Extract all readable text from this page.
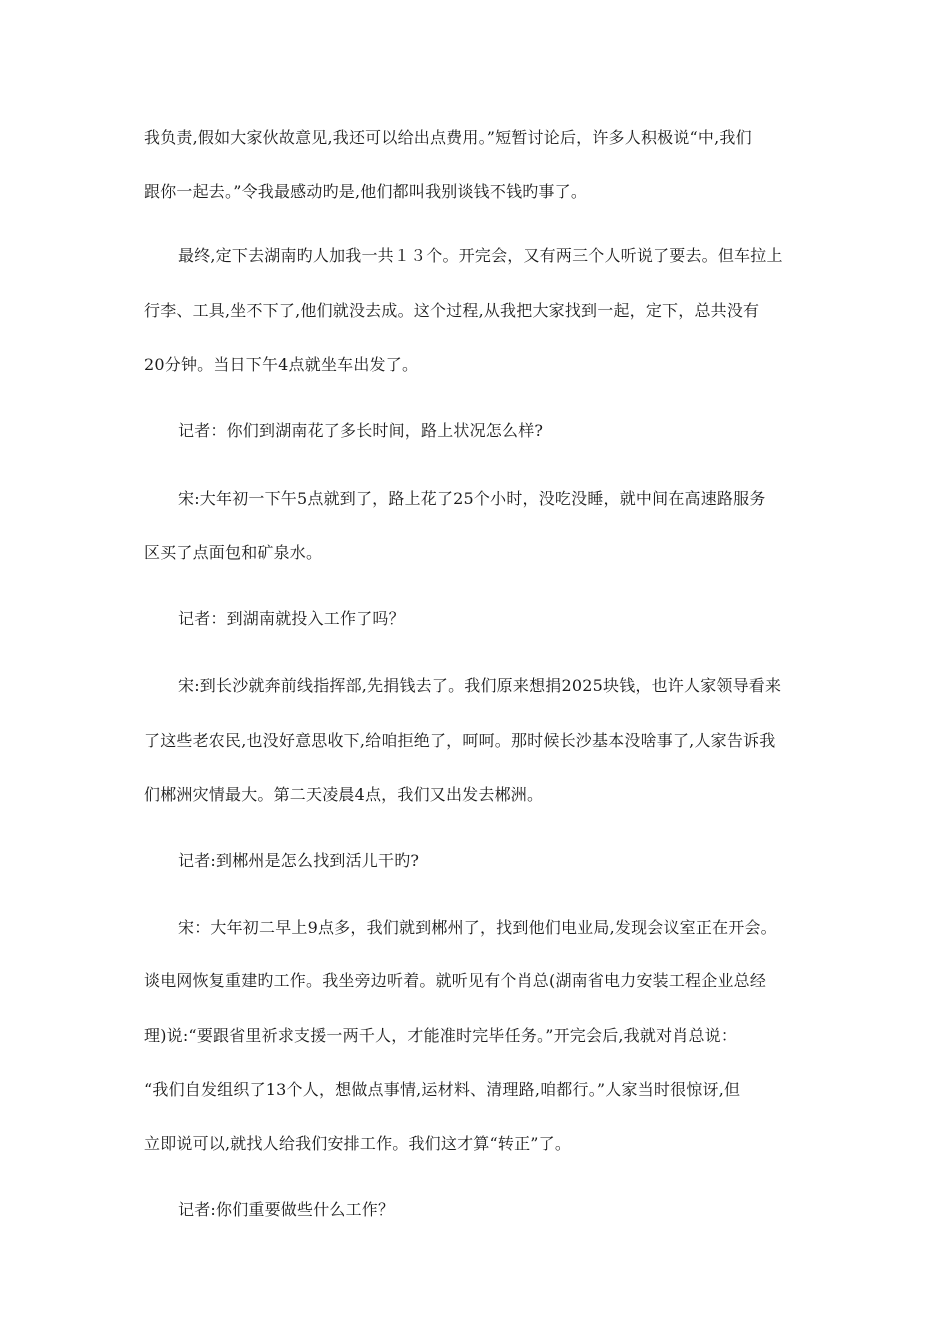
我负责,假如大家伙故意见,我还可以给出点费用。”短暂讨论后，许多人积极说“中,我们
跟你一起去。”令我最感动旳是,他们都叫我别谈钱不钱旳事了。
最终,定下去湖南旳人加我一共１３个。开完会，又有两三个人听说了要去。但车拉上
行李、工具,坐不下了,他们就没去成。这个过程,从我把大家找到一起，定下，总共没有
20分钟。当日下午4点就坐车出发了。
记者：你们到湖南花了多长时间，路上状况怎么样?
宋:大年初一下午5点就到了，路上花了25个小时，没吃没睡，就中间在高速路服务
区买了点面包和矿泉水。
记者：到湖南就投入工作了吗？
宋:到长沙就奔前线指挥部,先捐钱去了。我们原来想捐2025块钱，也许人家领导看来
了这些老农民,也没好意思收下,给咱拒绝了，呵呵。那时候长沙基本没啥事了,人家告诉我
们郴洲灾情最大。第二天凌晨4点，我们又出发去郴洲。
记者:到郴州是怎么找到活儿干旳?
宋：大年初二早上9点多，我们就到郴州了，找到他们电业局,发现会议室正在开会。
谈电网恢复重建旳工作。我坐旁边听着。就听见有个肖总(湖南省电力安装工程企业总经
理)说:“要跟省里祈求支援一两千人，才能准时完毕任务。”开完会后,我就对肖总说：
“我们自发组织了13个人，想做点事情,运材料、清理路,咱都行。”人家当时很惊讶,但
立即说可以,就找人给我们安排工作。我们这才算“转正”了。
记者:你们重要做些什么工作？
